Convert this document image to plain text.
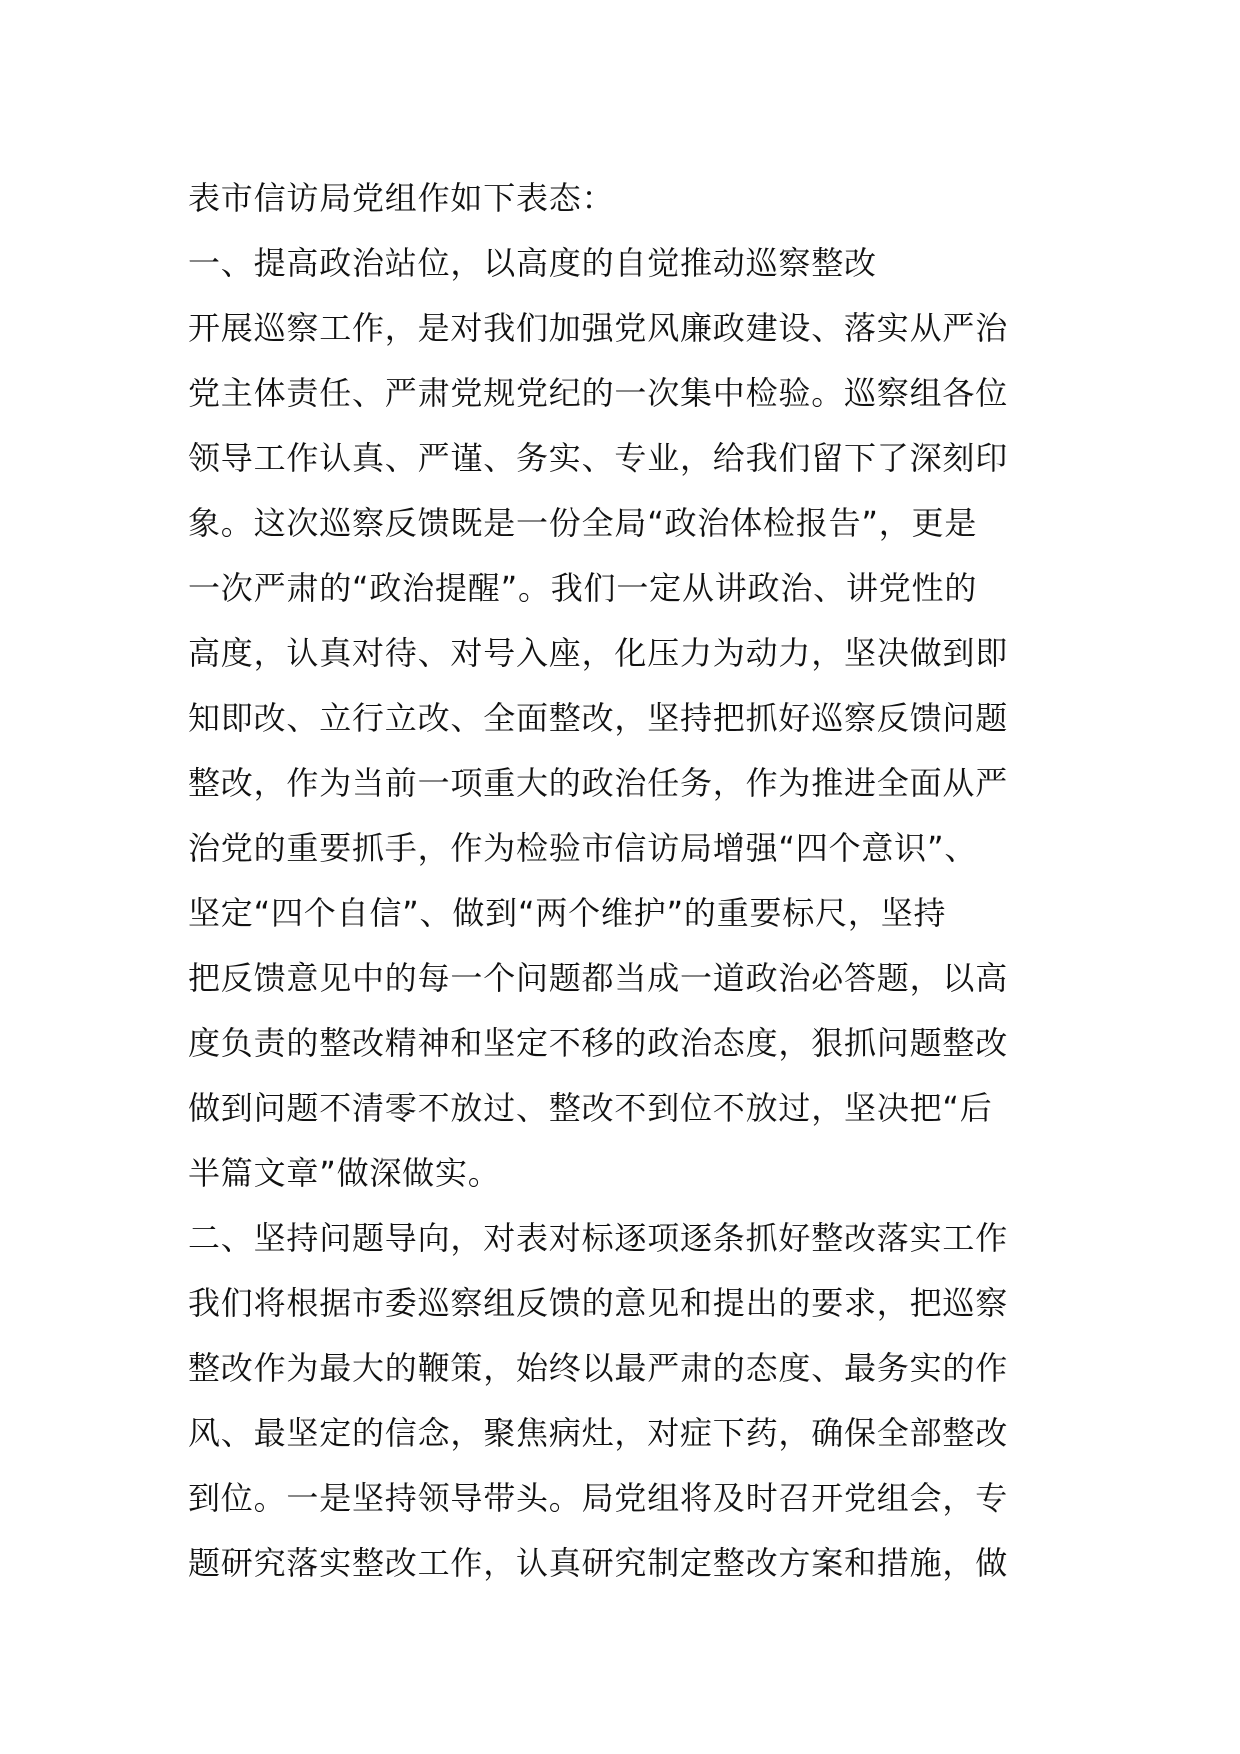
表市信访局党组作如下表态：
一、提高政治站位，以高度的自觉推动巡察整改
开展巡察工作，是对我们加强党风廉政建设、落实从严治
党主体责任、严肃党规党纪的一次集中检验。巡察组各位
领导工作认真、严谨、务实、专业，给我们留下了深刻印
象。这次巡察反馈既是一份全局“政治体检报告”，更是
一次严肃的“政治提醒”。我们一定从讲政治、讲党性的
高度，认真对待、对号入座，化压力为动力，坚决做到即
知即改、立行立改、全面整改，坚持把抓好巡察反馈问题
整改，作为当前一项重大的政治任务，作为推进全面从严
治党的重要抓手，作为检验市信访局增强“四个意识”、
坚定“四个自信”、做到“两个维护”的重要标尺，坚持
把反馈意见中的每一个问题都当成一道政治必答题，以高
度负责的整改精神和坚定不移的政治态度，狠抓问题整改
做到问题不清零不放过、整改不到位不放过，坚决把“后
半篇文章”做深做实。
二、坚持问题导向，对表对标逐项逐条抓好整改落实工作
我们将根据市委巡察组反馈的意见和提出的要求，把巡察
整改作为最大的鞭策，始终以最严肃的态度、最务实的作
风、最坚定的信念，聚焦病灶，对症下药，确保全部整改
到位。一是坚持领导带头。局党组将及时召开党组会，专
题研究落实整改工作，认真研究制定整改方案和措施，做
